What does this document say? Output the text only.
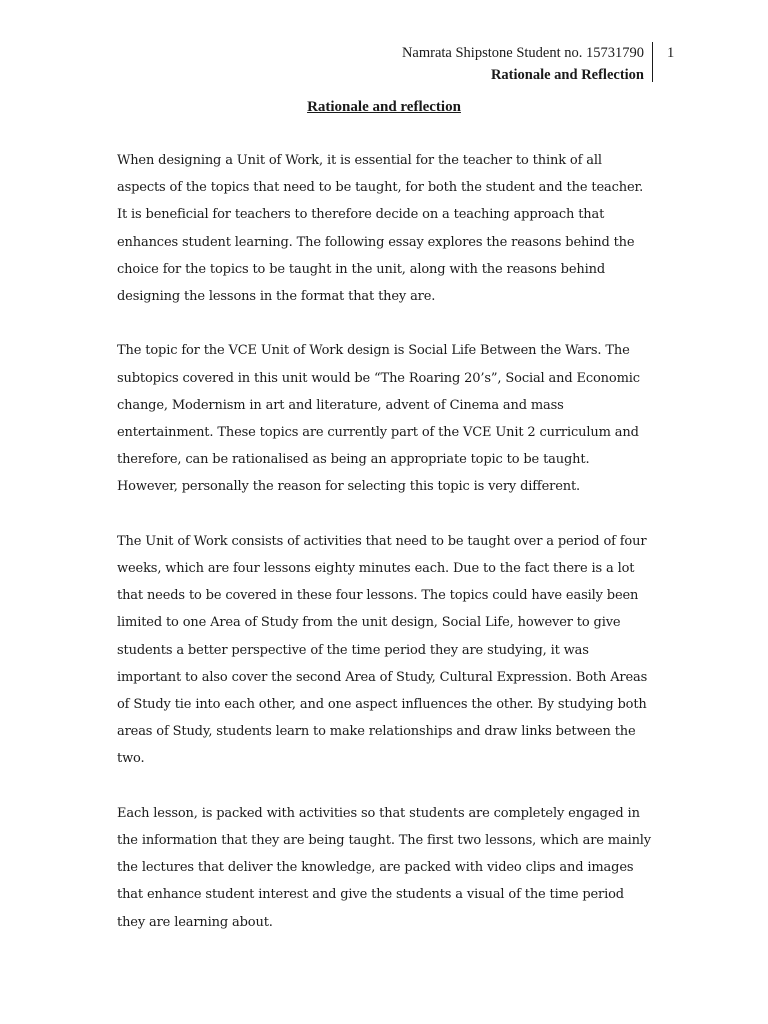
Namrata Shipstone Student no. 15731790
Rationale and Reflection
1
Rationale and reflection

When designing a Unit of Work, it is essential for the teacher to think of all aspects of the topics that need to be taught, for both the student and the teacher. It is beneficial for teachers to therefore decide on a teaching approach that enhances student learning. The following essay explores the reasons behind the choice for the topics to be taught in the unit, along with the reasons behind designing the lessons in the format that they are.

The topic for the VCE Unit of Work design is Social Life Between the Wars. The subtopics covered in this unit would be “The Roaring 20’s”, Social and Economic change, Modernism in art and literature, advent of Cinema and mass entertainment. These topics are currently part of the VCE Unit 2 curriculum and therefore, can be rationalised as being an appropriate topic to be taught. However, personally the reason for selecting this topic is very different.

The Unit of Work consists of activities that need to be taught over a period of four weeks, which are four lessons eighty minutes each. Due to the fact there is a lot that needs to be covered in these four lessons. The topics could have easily been limited to one Area of Study from the unit design, Social Life, however to give students a better perspective of the time period they are studying, it was important to also cover the second Area of Study, Cultural Expression. Both Areas of Study tie into each other, and one aspect influences the other. By studying both areas of Study, students learn to make relationships and draw links between the two.

Each lesson, is packed with activities so that students are completely engaged in the information that they are being taught. The first two lessons, which are mainly the lectures that deliver the knowledge, are packed with video clips and images that enhance student interest and give the students a visual of the time period they are learning about.
